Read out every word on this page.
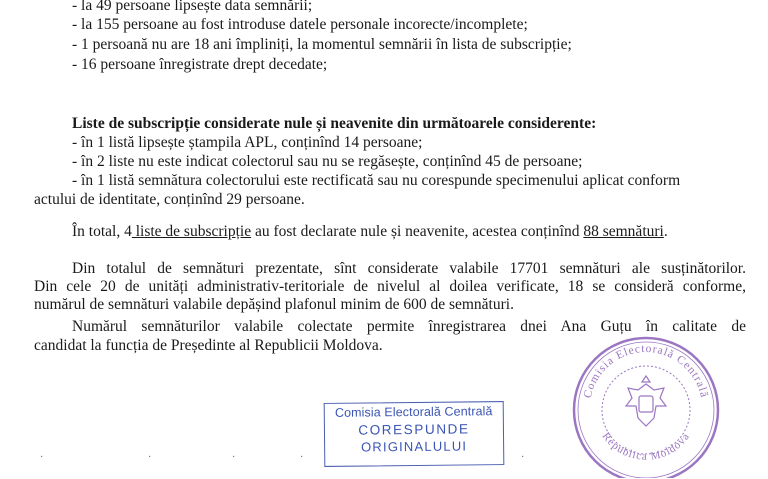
- la 49 persoane lipsește data semnării;
- la 155 persoane au fost introduse datele personale incorecte/incomplete;
- 1 persoană nu are 18 ani împliniți, la momentul semnării în lista de subscripție;
- 16 persoane înregistrate drept decedate;
Liste de subscripție considerate nule și neavenite din următoarele considerente:
- în 1 listă lipsește ștampila APL, conținînd 14 persoane;
- în 2 liste nu este indicat colectorul sau nu se regăsește, conținînd 45 de persoane;
- în 1 listă semnătura colectorului este rectificată sau nu corespunde specimenului aplicat conform
actului de identitate, conținînd 29 persoane.
În total, 4 liste de subscripție au fost declarate nule și neavenite, acestea conținînd 88 semnături.
Din totalul de semnături prezentate, sînt considerate valabile 17701 semnături ale susținătorilor.
Din cele 20 de unități administrativ-teritoriale de nivelul al doilea verificate, 18 se consideră conforme,
numărul de semnături valabile depășind plafonul minim de 600 de semnături.
Numărul semnăturilor valabile colectate permite înregistrarea dnei Ana Guțu în calitate de
candidat la funcția de Președinte al Republicii Moldova.
Comisia Electorală Centrală
CORESPUNDE
ORIGINALULUI
Comisia Electorală Centrală
Republica Moldova
·	·	·	·	·
